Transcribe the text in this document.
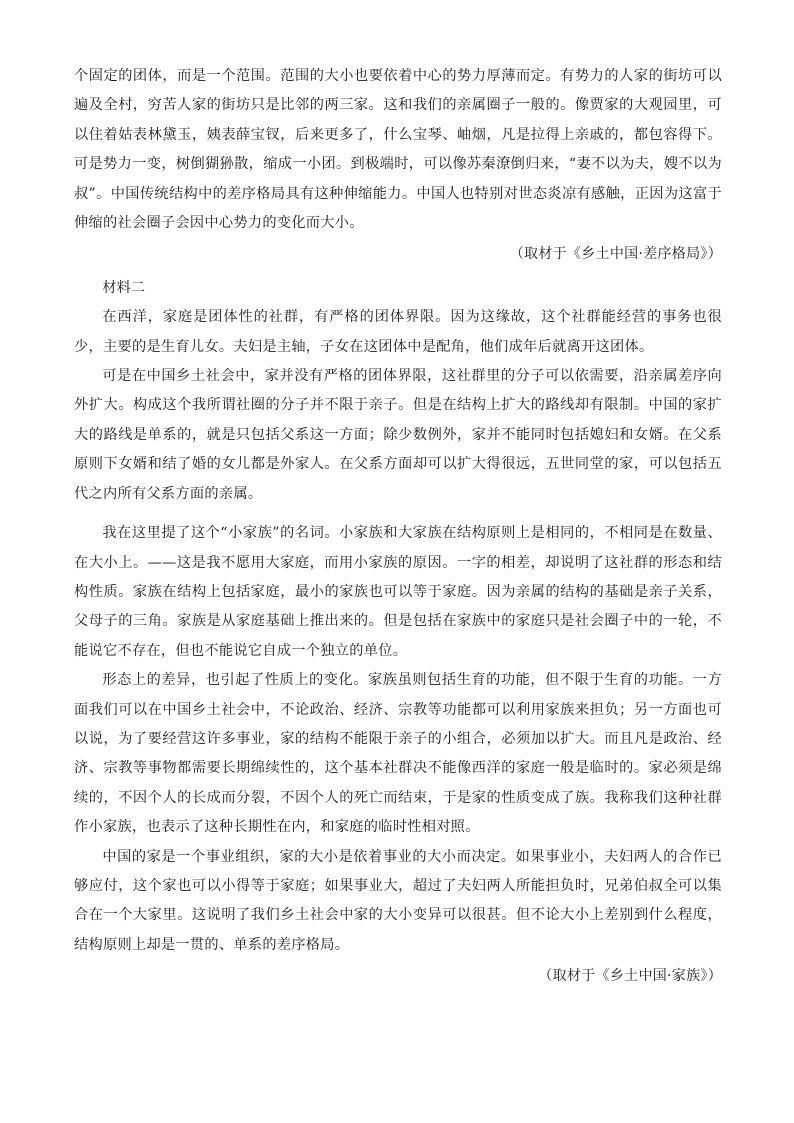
个固定的团体，而是一个范围。范围的大小也要依着中心的势力厚薄而定。有势力的人家的街坊可以遍及全村，穷苦人家的街坊只是比邻的两三家。这和我们的亲属圈子一般的。像贾家的大观园里，可以住着姑表林黛玉，姨表薛宝钗，后来更多了，什么宝琴、岫烟，凡是拉得上亲戚的，都包容得下。可是势力一变，树倒猢狲散，缩成一小团。到极端时，可以像苏秦潦倒归来，“妻不以为夫，嫂不以为叔”。中国传统结构中的差序格局具有这种伸缩能力。中国人也特别对世态炎凉有感触，正因为这富于伸缩的社会圈子会因中心势力的变化而大小。

（取材于《乡土中国·差序格局》）

材料二

在西洋，家庭是团体性的社群，有严格的团体界限。因为这缘故，这个社群能经营的事务也很少，主要的是生育儿女。夫妇是主轴，子女在这团体中是配角，他们成年后就离开这团体。

可是在中国乡土社会中，家并没有严格的团体界限，这社群里的分子可以依需要，沿亲属差序向外扩大。构成这个我所谓社圈的分子并不限于亲子。但是在结构上扩大的路线却有限制。中国的家扩大的路线是单系的，就是只包括父系这一方面；除少数例外，家并不能同时包括媳妇和女婿。在父系原则下女婿和结了婚的女儿都是外家人。在父系方面却可以扩大得很远，五世同堂的家，可以包括五代之内所有父系方面的亲属。

我在这里提了这个“小家族”的名词。小家族和大家族在结构原则上是相同的，不相同是在数量、在大小上。——这是我不愿用大家庭，而用小家族的原因。一字的相差，却说明了这社群的形态和结构性质。家族在结构上包括家庭，最小的家族也可以等于家庭。因为亲属的结构的基础是亲子关系，父母子的三角。家族是从家庭基础上推出来的。但是包括在家族中的家庭只是社会圈子中的一轮，不能说它不存在，但也不能说它自成一个独立的单位。

形态上的差异，也引起了性质上的变化。家族虽则包括生育的功能，但不限于生育的功能。一方面我们可以在中国乡土社会中，不论政治、经济、宗教等功能都可以利用家族来担负；另一方面也可以说，为了要经营这许多事业，家的结构不能限于亲子的小组合，必须加以扩大。而且凡是政治、经济、宗教等事物都需要长期绵续性的，这个基本社群决不能像西洋的家庭一般是临时的。家必须是绵续的，不因个人的长成而分裂，不因个人的死亡而结束，于是家的性质变成了族。我称我们这种社群作小家族，也表示了这种长期性在内，和家庭的临时性相对照。

中国的家是一个事业组织，家的大小是依着事业的大小而决定。如果事业小，夫妇两人的合作已够应付，这个家也可以小得等于家庭；如果事业大，超过了夫妇两人所能担负时，兄弟伯叔全可以集合在一个大家里。这说明了我们乡土社会中家的大小变异可以很甚。但不论大小上差别到什么程度，结构原则上却是一贯的、单系的差序格局。

（取材于《乡土中国·家族》）
